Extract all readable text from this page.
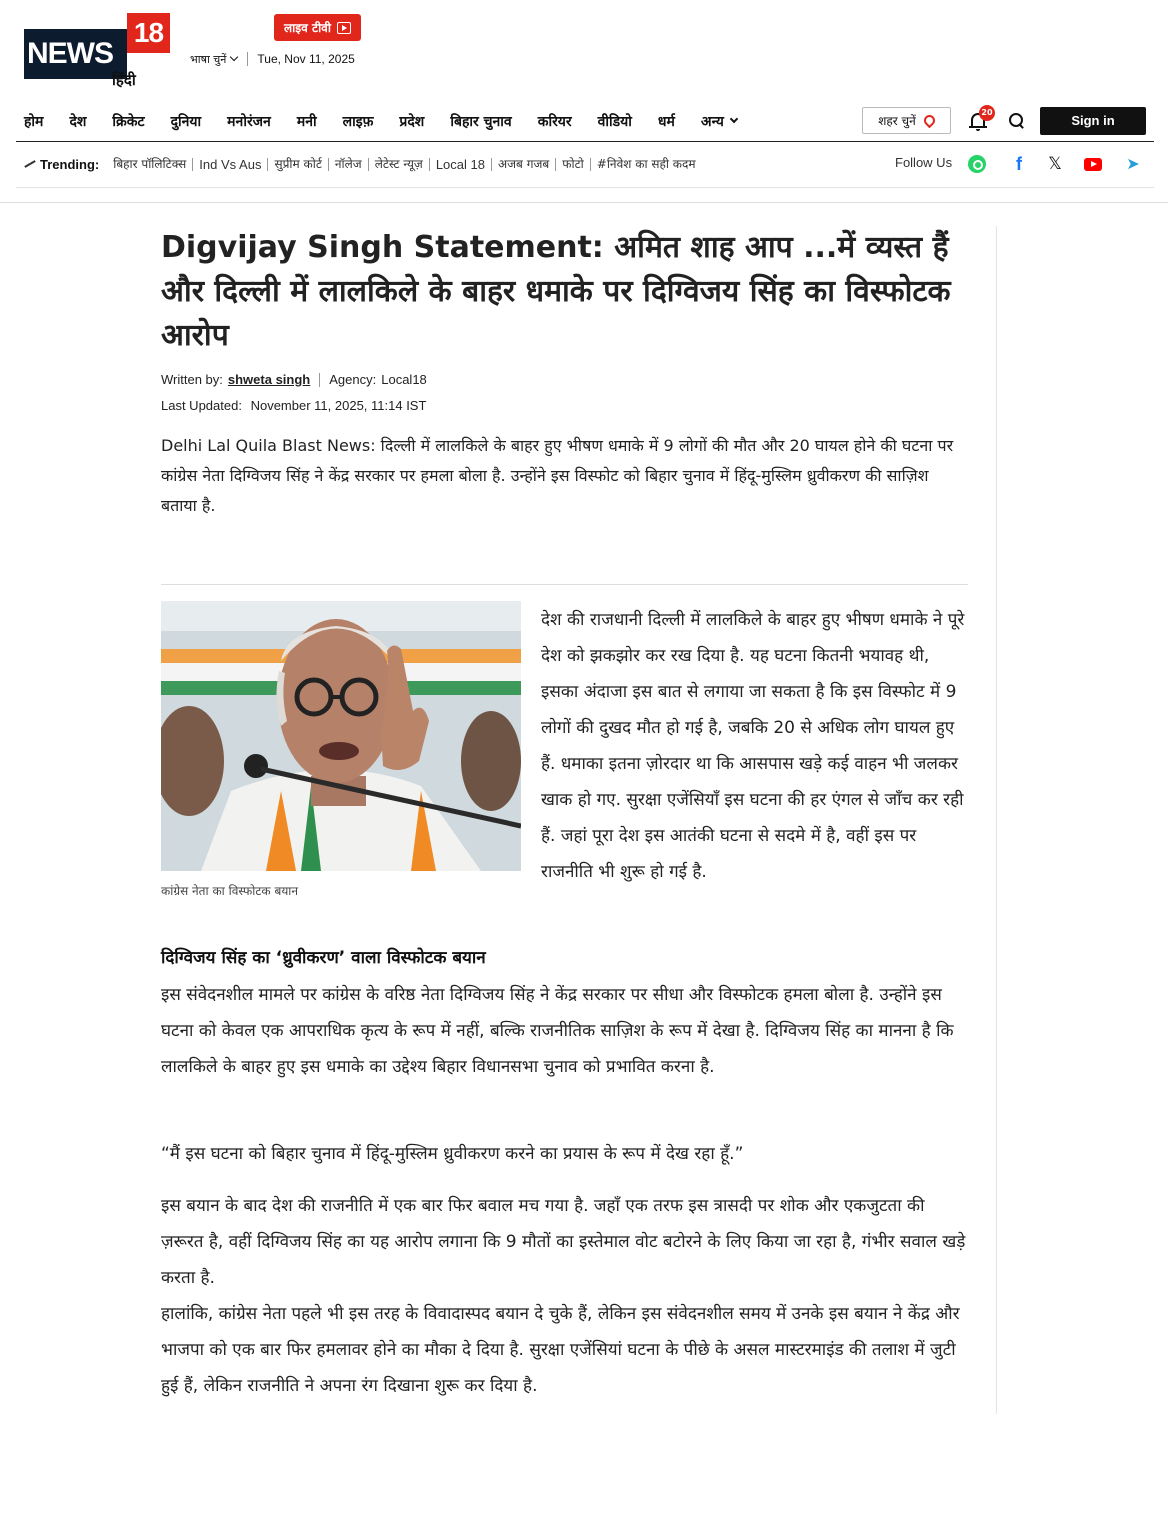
NEWS
18
हिंदी
लाइव टीवी
भाषा चुनें	Tue, Nov 11, 2025
होम देश क्रिकेट दुनिया मनोरंजन मनी लाइफ़ प्रदेश बिहार चुनाव करियर वीडियो धर्म अन्य	शहर चुनें
20
Sign in
Trending:	बिहार पॉलिटिक्स	Ind Vs Aus	सुप्रीम कोर्ट	नॉलेज	लेटेस्ट न्यूज़	Local 18	अजब गजब	फोटो	#निवेश का सही कदम	Follow Us	f	𝕏	➤
Digvijay Singh Statement: अमित शाह आप ...में व्यस्त हैं और दिल्ली में लालकिले के बाहर धमाके पर दिग्विजय सिंह का विस्फोटक आरोप
Written by: shweta singh Agency: Local18
Last Updated: November 11, 2025, 11:14 IST

Delhi Lal Quila Blast News: दिल्ली में लालकिले के बाहर हुए भीषण धमाके में 9 लोगों की मौत और 20 घायल होने की घटना पर कांग्रेस नेता दिग्विजय सिंह ने केंद्र सरकार पर हमला बोला है. उन्होंने इस विस्फोट को बिहार चुनाव में हिंदू-मुस्लिम ध्रुवीकरण की साज़िश बताया है.

कांग्रेस नेता का विस्फोटक बयान

देश की राजधानी दिल्ली में लालकिले के बाहर हुए भीषण धमाके ने पूरे देश को झकझोर कर रख दिया है. यह घटना कितनी भयावह थी, इसका अंदाजा इस बात से लगाया जा सकता है कि इस विस्फोट में 9 लोगों की दुखद मौत हो गई है, जबकि 20 से अधिक लोग घायल हुए हैं. धमाका इतना ज़ोरदार था कि आसपास खड़े कई वाहन भी जलकर खाक हो गए. सुरक्षा एजेंसियाँ इस घटना की हर एंगल से जाँच कर रही हैं. जहां पूरा देश इस आतंकी घटना से सदमे में है, वहीं इस पर राजनीति भी शुरू हो गई है.

दिग्विजय सिंह का ‘ध्रुवीकरण’ वाला विस्फोटक बयान

इस संवेदनशील मामले पर कांग्रेस के वरिष्ठ नेता दिग्विजय सिंह ने केंद्र सरकार पर सीधा और विस्फोटक हमला बोला है. उन्होंने इस घटना को केवल एक आपराधिक कृत्य के रूप में नहीं, बल्कि राजनीतिक साज़िश के रूप में देखा है. दिग्विजय सिंह का मानना है कि लालकिले के बाहर हुए इस धमाके का उद्देश्य बिहार विधानसभा चुनाव को प्रभावित करना है.

“मैं इस घटना को बिहार चुनाव में हिंदू-मुस्लिम ध्रुवीकरण करने का प्रयास के रूप में देख रहा हूँ.”

इस बयान के बाद देश की राजनीति में एक बार फिर बवाल मच गया है. जहाँ एक तरफ इस त्रासदी पर शोक और एकजुटता की ज़रूरत है, वहीं दिग्विजय सिंह का यह आरोप लगाना कि 9 मौतों का इस्तेमाल वोट बटोरने के लिए किया जा रहा है, गंभीर सवाल खड़े करता है.

हालांकि, कांग्रेस नेता पहले भी इस तरह के विवादास्पद बयान दे चुके हैं, लेकिन इस संवेदनशील समय में उनके इस बयान ने केंद्र और भाजपा को एक बार फिर हमलावर होने का मौका दे दिया है. सुरक्षा एजेंसियां घटना के पीछे के असल मास्टरमाइंड की तलाश में जुटी हुई हैं, लेकिन राजनीति ने अपना रंग दिखाना शुरू कर दिया है.
